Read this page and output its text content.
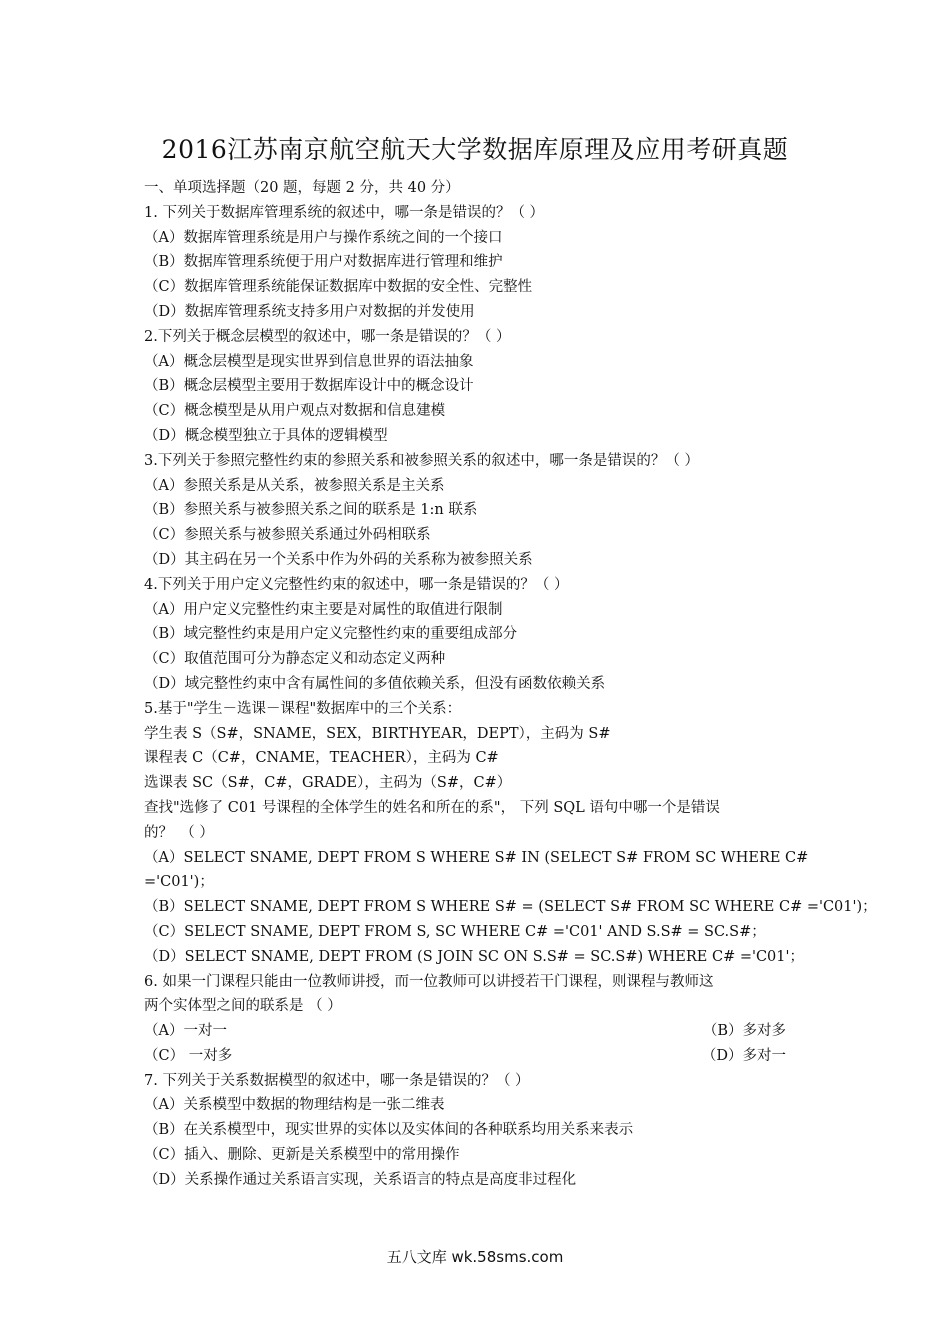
2016江苏南京航空航天大学数据库原理及应用考研真题
一、单项选择题（20 题，每题 2 分，共 40 分）
1. 下列关于数据库管理系统的叙述中，哪一条是错误的？（ ）
（A）数据库管理系统是用户与操作系统之间的一个接口
（B）数据库管理系统便于用户对数据库进行管理和维护
（C）数据库管理系统能保证数据库中数据的安全性、完整性
（D）数据库管理系统支持多用户对数据的并发使用
2.下列关于概念层模型的叙述中，哪一条是错误的？（ ）
（A）概念层模型是现实世界到信息世界的语法抽象
（B）概念层模型主要用于数据库设计中的概念设计
（C）概念模型是从用户观点对数据和信息建模
（D）概念模型独立于具体的逻辑模型
3.下列关于参照完整性约束的参照关系和被参照关系的叙述中，哪一条是错误的？（ ）
（A）参照关系是从关系，被参照关系是主关系
（B）参照关系与被参照关系之间的联系是 1:n 联系
（C）参照关系与被参照关系通过外码相联系
（D）其主码在另一个关系中作为外码的关系称为被参照关系
4.下列关于用户定义完整性约束的叙述中，哪一条是错误的？（ ）
（A）用户定义完整性约束主要是对属性的取值进行限制
（B）域完整性约束是用户定义完整性约束的重要组成部分
（C）取值范围可分为静态定义和动态定义两种
（D）域完整性约束中含有属性间的多值依赖关系，但没有函数依赖关系
5.基于"学生－选课－课程"数据库中的三个关系：
学生表 S（S#，SNAME，SEX，BIRTHYEAR，DEPT），主码为 S#
课程表 C（C#，CNAME，TEACHER），主码为 C#
选课表 SC（S#，C#，GRADE），主码为（S#，C#）
查找"选修了 C01 号课程的全体学生的姓名和所在的系"， 下列 SQL 语句中哪一个是错误
的？　（ ）
（A）SELECT SNAME, DEPT FROM S WHERE S# IN (SELECT S# FROM SC WHERE C#
='C01')；
（B）SELECT SNAME, DEPT FROM S WHERE S# = (SELECT S# FROM SC WHERE C# ='C01')；
（C）SELECT SNAME, DEPT FROM S, SC WHERE C# ='C01' AND S.S# = SC.S#；
（D）SELECT SNAME, DEPT FROM (S JOIN SC ON S.S# = SC.S#) WHERE C# ='C01'；
6. 如果一门课程只能由一位教师讲授，而一位教师可以讲授若干门课程，则课程与教师这
两个实体型之间的联系是 （ ）
（A）一对一	（B）多对多
（C） 一对多	（D）多对一
7. 下列关于关系数据模型的叙述中，哪一条是错误的？（ ）
（A）关系模型中数据的物理结构是一张二维表
（B）在关系模型中，现实世界的实体以及实体间的各种联系均用关系来表示
（C）插入、删除、更新是关系模型中的常用操作
（D）关系操作通过关系语言实现，关系语言的特点是高度非过程化
五八文库 wk.58sms.com
